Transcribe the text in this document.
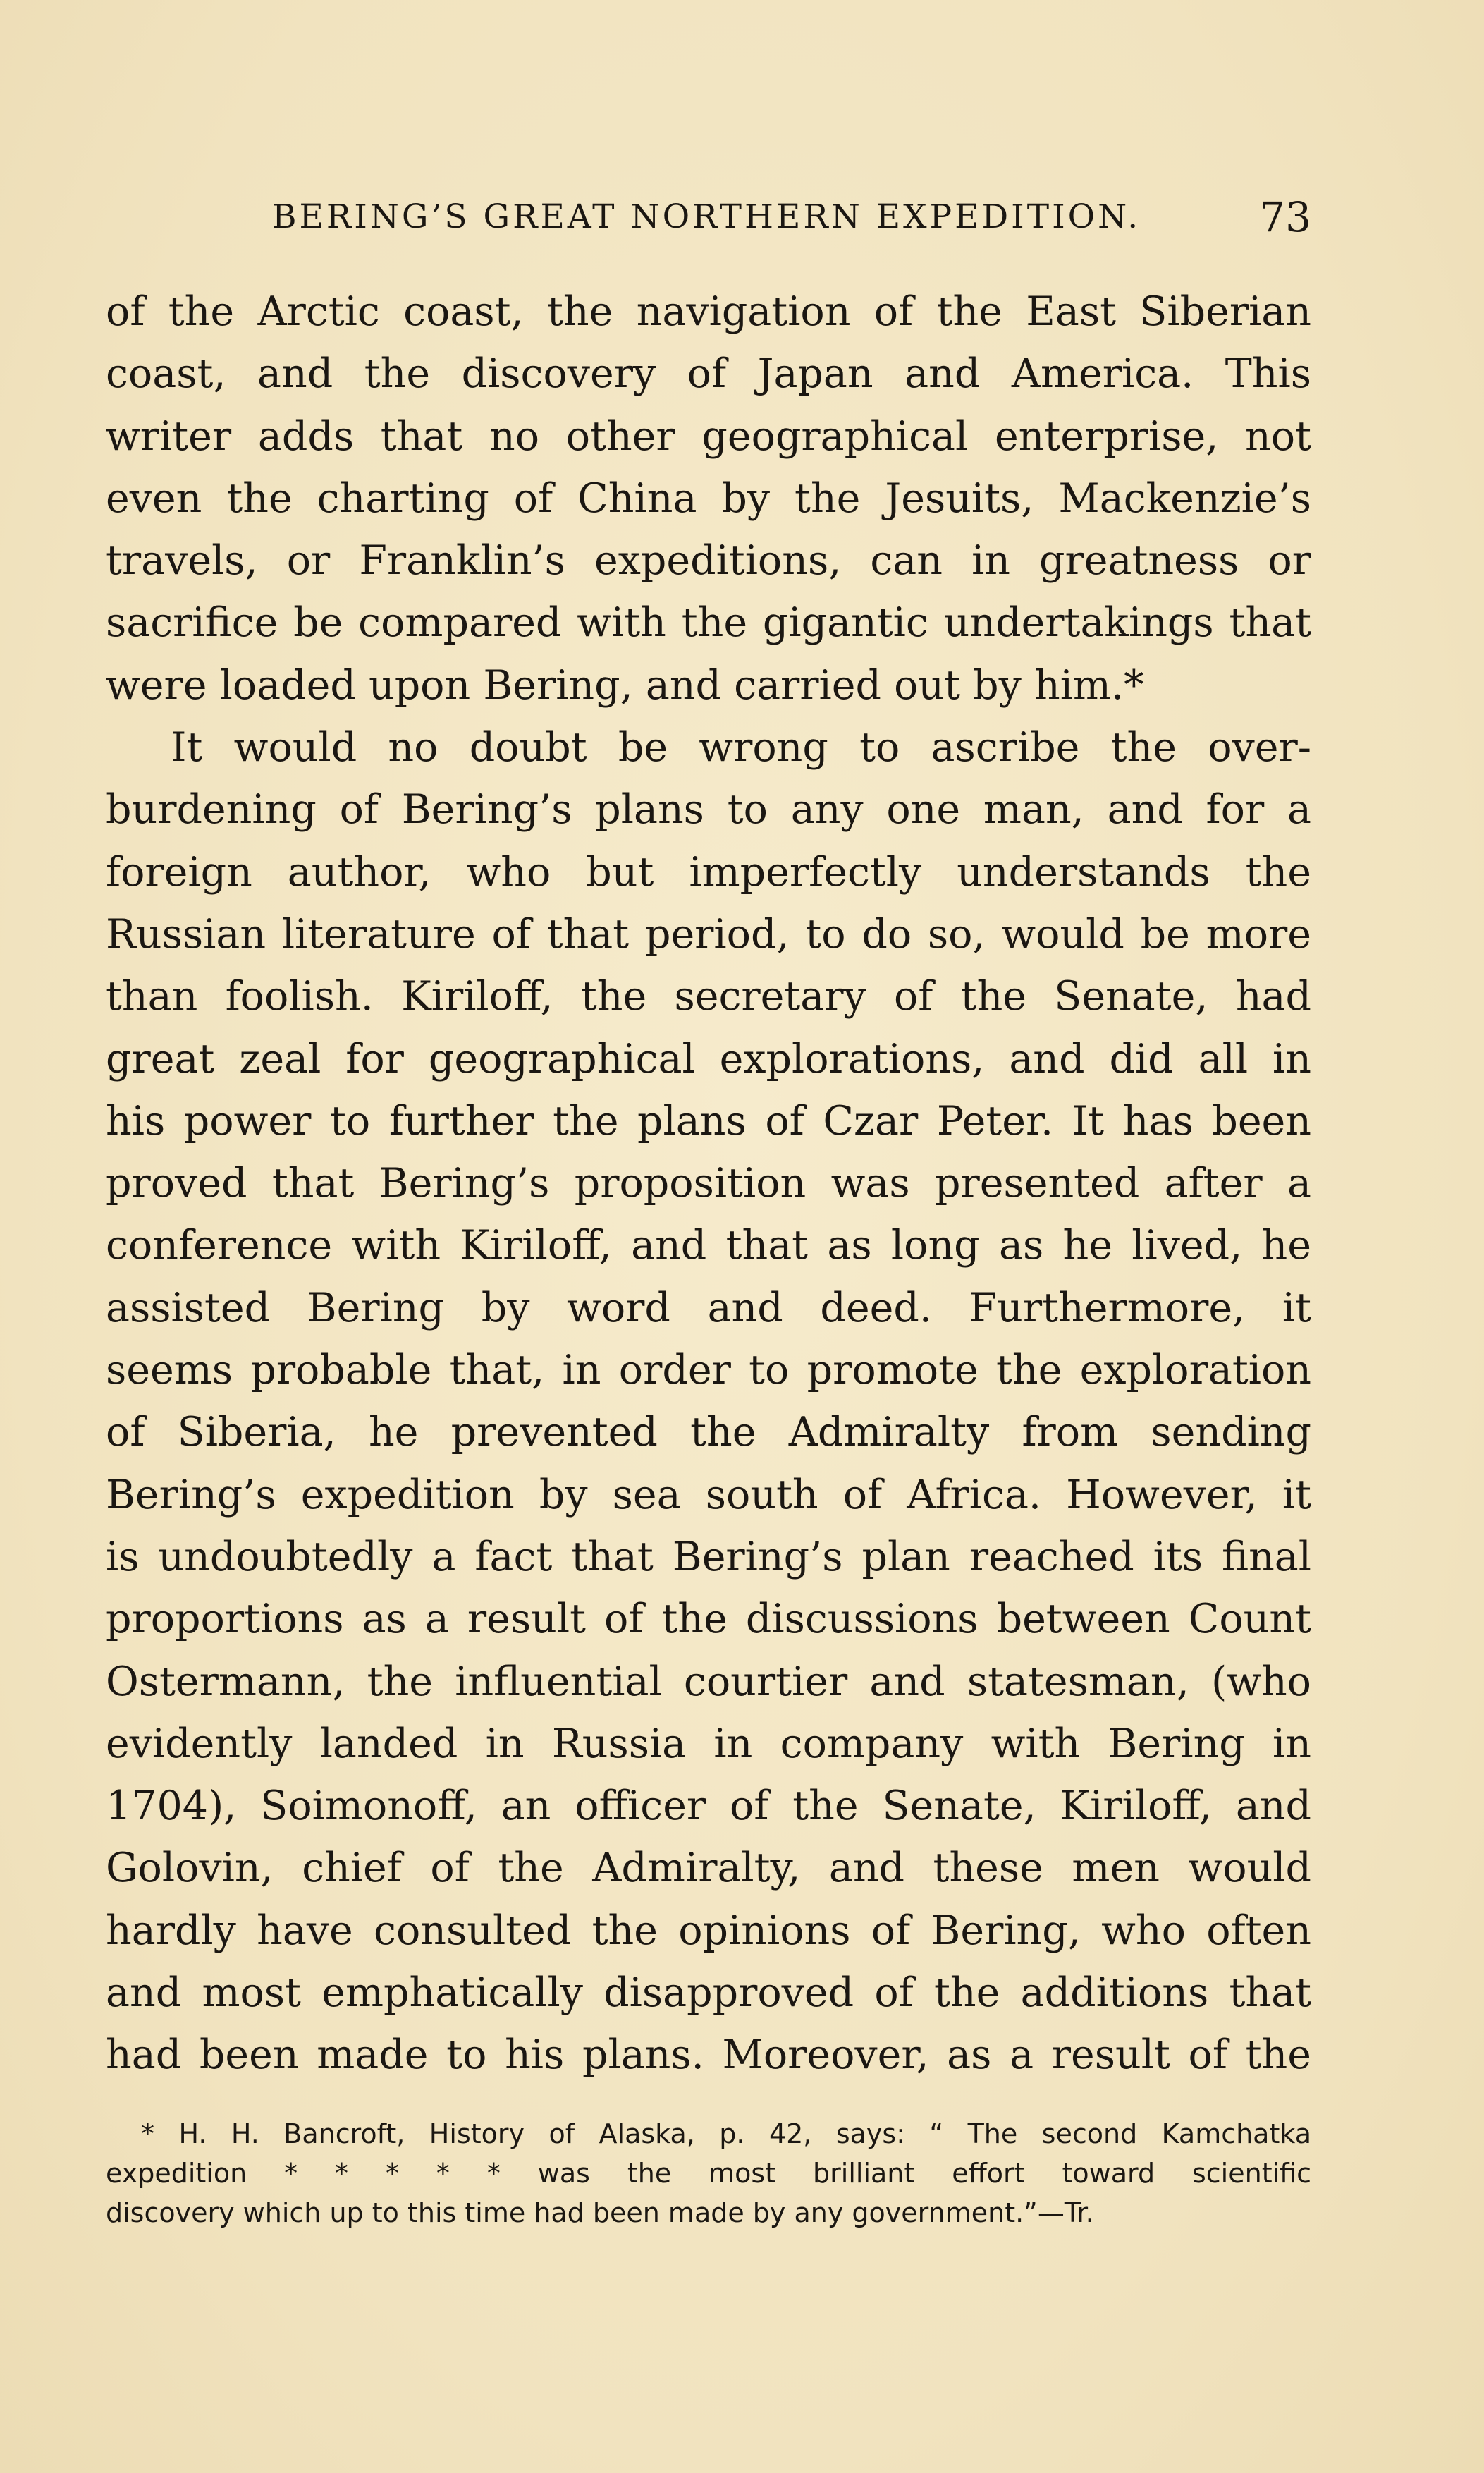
BERING’S GREAT NORTHERN EXPEDITION.	73
of the Arctic coast, the navigation of the East Siberian
coast, and the discovery of Japan and America. This
writer adds that no other geographical enterprise, not
even the charting of China by the Jesuits, Mackenzie’s
travels, or Franklin’s expeditions, can in greatness or
sacrifice be compared with the gigantic undertakings that
were loaded upon Bering, and carried out by him.*
It would no doubt be wrong to ascribe the over-
burdening of Bering’s plans to any one man, and for a
foreign author, who but imperfectly understands the
Russian literature of that period, to do so, would be more
than foolish. Kiriloff, the secretary of the Senate, had
great zeal for geographical explorations, and did all in
his power to further the plans of Czar Peter. It has been
proved that Bering’s proposition was presented after a
conference with Kiriloff, and that as long as he lived, he
assisted Bering by word and deed. Furthermore, it
seems probable that, in order to promote the exploration
of Siberia, he prevented the Admiralty from sending
Bering’s expedition by sea south of Africa. However, it
is undoubtedly a fact that Bering’s plan reached its final
proportions as a result of the discussions between Count
Ostermann, the influential courtier and statesman, (who
evidently landed in Russia in company with Bering in
1704), Soimonoff, an officer of the Senate, Kiriloff, and
Golovin, chief of the Admiralty, and these men would
hardly have consulted the opinions of Bering, who often
and most emphatically disapproved of the additions that
had been made to his plans. Moreover, as a result of the
* H. H. Bancroft, History of Alaska, p. 42, says: “ The second Kamchatka
expedition * * * * * was the most brilliant effort toward scientific
discovery which up to this time had been made by any government.”—Tr.
